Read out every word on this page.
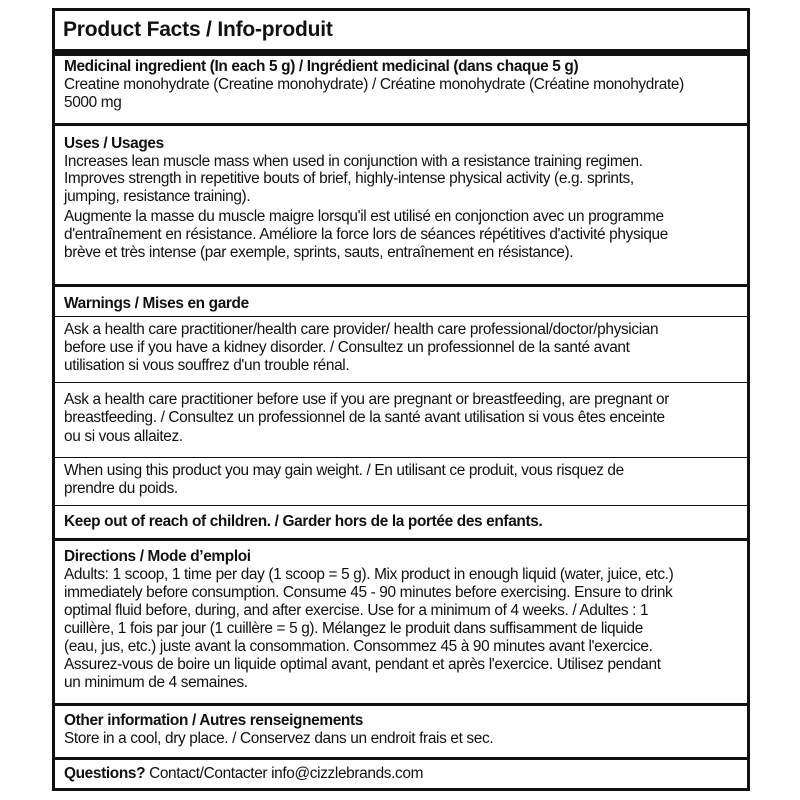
Product Facts / Info-produit
Medicinal ingredient (In each 5 g) / Ingrédient medicinal (dans chaque 5 g)
Creatine monohydrate (Creatine monohydrate) / Créatine monohydrate (Créatine monohydrate)
5000 mg
Uses / Usages
Increases lean muscle mass when used in conjunction with a resistance training regimen.
Improves strength in repetitive bouts of brief, highly-intense physical activity (e.g. sprints,
jumping, resistance training).
Augmente la masse du muscle maigre lorsqu'il est utilisé en conjonction avec un programme
d'entraînement en résistance. Améliore la force lors de séances répétitives d'activité physique
brève et très intense (par exemple, sprints, sauts, entraînement en résistance).
Warnings / Mises en garde
Ask a health care practitioner/health care provider/ health care professional/doctor/physician
before use if you have a kidney disorder. / Consultez un professionnel de la santé avant
utilisation si vous souffrez d'un trouble rénal.
Ask a health care practitioner before use if you are pregnant or breastfeeding, are pregnant or
breastfeeding. / Consultez un professionnel de la santé avant utilisation si vous êtes enceinte
ou si vous allaitez.
When using this product you may gain weight. / En utilisant ce produit, vous risquez de
prendre du poids.
Keep out of reach of children. / Garder hors de la portée des enfants.
Directions / Mode d’emploi
Adults: 1 scoop, 1 time per day (1 scoop = 5 g). Mix product in enough liquid (water, juice, etc.)
immediately before consumption. Consume 45 - 90 minutes before exercising. Ensure to drink
optimal fluid before, during, and after exercise. Use for a minimum of 4 weeks. / Adultes : 1
cuillère, 1 fois par jour (1 cuillère = 5 g). Mélangez le produit dans suffisamment de liquide
(eau, jus, etc.) juste avant la consommation. Consommez 45 à 90 minutes avant l'exercice.
Assurez-vous de boire un liquide optimal avant, pendant et après l'exercice. Utilisez pendant
un minimum de 4 semaines.
Other information / Autres renseignements
Store in a cool, dry place. / Conservez dans un endroit frais et sec.
Questions? Contact/Contacter info@cizzlebrands.com
